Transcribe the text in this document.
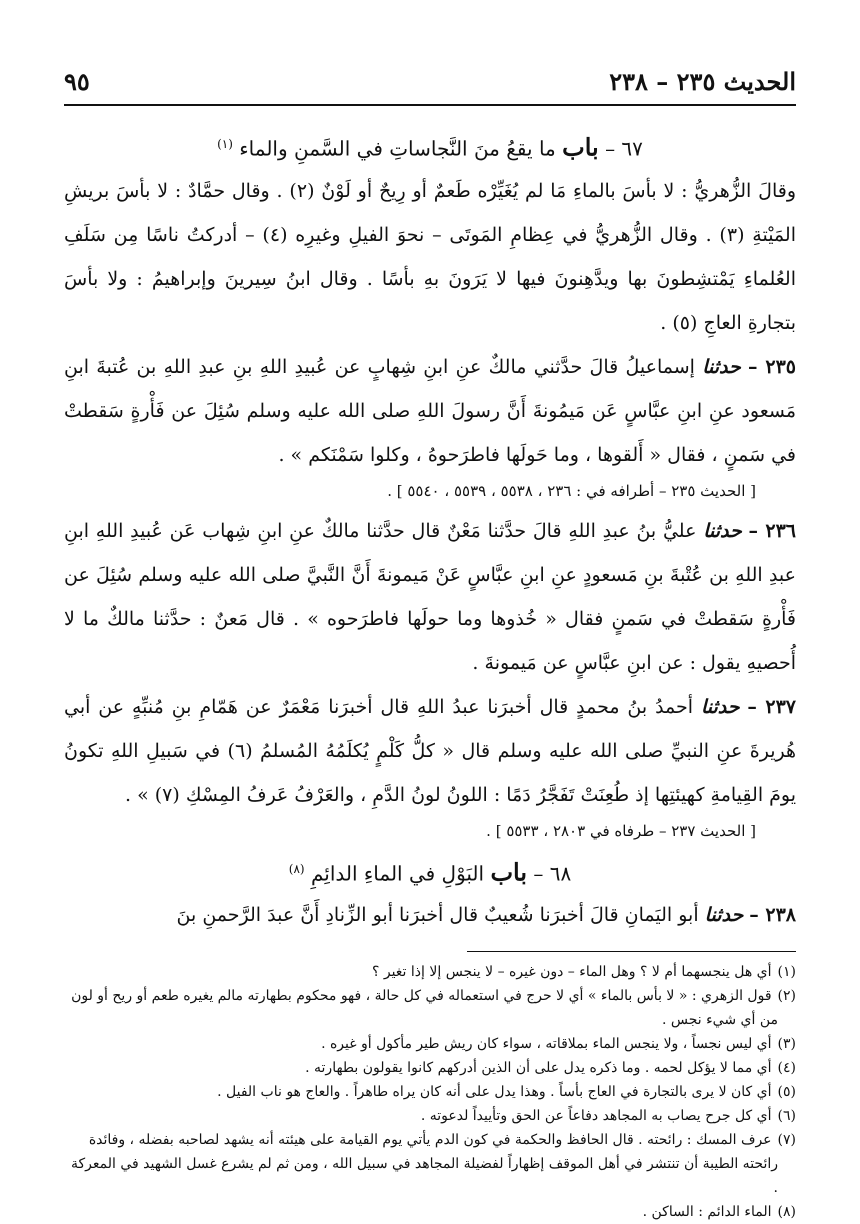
الحديث ٢٣٥ – ٢٣٨
٩٥

٦٧ – باب ما يقعُ منَ النَّجاساتِ في السَّمنِ والماء $^{(١)}$

وقالَ الزُّهريُّ : لا بأسَ بالماءِ مَا لم يُغَيِّرْه طَعمٌ أو رِيحٌ أو لَوْنٌ (٢) . وقال حمَّادٌ : لا بأسَ بريشِ المَيْتةِ (٣) . وقال الزُّهريُّ في عِظامِ المَوتَى – نحوَ الفيلِ وغيرِه (٤) – أدركتُ ناسًا مِن سَلَفِ العُلماءِ يَمْتشِطونَ بها ويدَّهِنونَ فيها لا يَرَونَ بهِ بأسًا . وقال ابنُ سِيرينَ وإبراهيمُ : ولا بأسَ بتجارةِ العاجِ (٥) .

٢٣٥ – حدثنا إسماعيلُ قالَ حدَّثني مالكٌ عنِ ابنِ شِهابٍ عن عُبيدِ اللهِ بنِ عبدِ اللهِ بن عُتبةَ ابنِ مَسعود عنِ ابنِ عبَّاسٍ عَن مَيمُونةَ أَنَّ رسولَ اللهِ صلى الله عليه وسلم سُئِلَ عن فَأْرةٍ سَقطتْ في سَمنٍ ، فقال « أَلقوها ، وما حَولَها فاطرَحوهُ ، وكلوا سَمْنَكم » .

[ الحديث ٢٣٥ – أطرافه في : ٢٣٦ ، ٥٥٣٨ ، ٥٥٣٩ ، ٥٥٤٠ ] .

٢٣٦ – حدثنا عليُّ بنُ عبدِ اللهِ قالَ حدَّثنا مَعْنٌ قال حدَّثنا مالكٌ عنِ ابنِ شِهاب عَن عُبيدِ اللهِ ابنِ عبدِ اللهِ بن عُتْبةَ بنِ مَسعودٍ عنِ ابنِ عبَّاسٍ عَنْ مَيمونةَ أَنَّ النَّبيَّ صلى الله عليه وسلم سُئِلَ عن فَأْرةٍ سَقطتْ في سَمنٍ فقال « خُذوها وما حولَها فاطرَحوه » . قال مَعنٌ : حدَّثنا مالكٌ ما لا أُحصيهِ يقول : عن ابنِ عبَّاسٍ عن مَيمونةَ .

٢٣٧ – حدثنا أحمدُ بنُ محمدٍ قال أخبرَنا عبدُ اللهِ قال أخبرَنا مَعْمَرٌ عن هَمّامِ بنِ مُنبِّهٍ عن أبي هُريرةَ عنِ النبيِّ صلى الله عليه وسلم قال « كلُّ كَلْمٍ يُكلَمُهُ المُسلمُ (٦) في سَبيلِ اللهِ تكونُ يومَ القِيامةِ كهيئتِها إذ طُعِنَتْ تَفَجَّرُ دَمًا : اللونُ لونُ الدَّمِ ، والعَرْفُ عَرفُ المِسْكِ (٧) » .

[ الحديث ٢٣٧ – طرفاه في ٢٨٠٣ ، ٥٥٣٣ ] .

٦٨ – باب البَوْلِ في الماءِ الدائِمِ $^{(٨)}$

٢٣٨ – حدثنا أبو اليَمانِ قالَ أخبرَنا شُعيبٌ قال أخبرَنا أبو الزِّنادِ أَنَّ عبدَ الرَّحمنِ بنَ

(١)أي هل ينجسهما أم لا ؟ وهل الماء – دون غيره – لا ينجس إلا إذا تغير ؟

(٢)قول الزهري : « لا بأس بالماء » أي لا حرج في استعماله في كل حالة ، فهو محكوم بطهارته مالم يغيره طعم أو ريح أو لون من أي شيء نجس .

(٣)أي ليس نجساً ، ولا ينجس الماء بملاقاته ، سواء كان ريش طير مأكول أو غيره .

(٤)أي مما لا يؤكل لحمه . وما ذكره يدل على أن الذين أدركهم كانوا يقولون بطهارته .

(٥)أي كان لا يرى بالتجارة في العاج بأساً . وهذا يدل على أنه كان يراه طاهراً . والعاج هو ناب الفيل .

(٦)أي كل جرح يصاب به المجاهد دفاعاً عن الحق وتأييداً لدعوته .

(٧)عرف المسك : رائحته . قال الحافظ والحكمة في كون الدم يأتي يوم القيامة على هيئته أنه يشهد لصاحبه بفضله ، وفائدة رائحته الطيبة أن تنتشر في أهل الموقف إظهاراً لفضيلة المجاهد في سبيل الله ، ومن ثم لم يشرع غسل الشهيد في المعركة .

(٨)الماء الدائم : الساكن .
